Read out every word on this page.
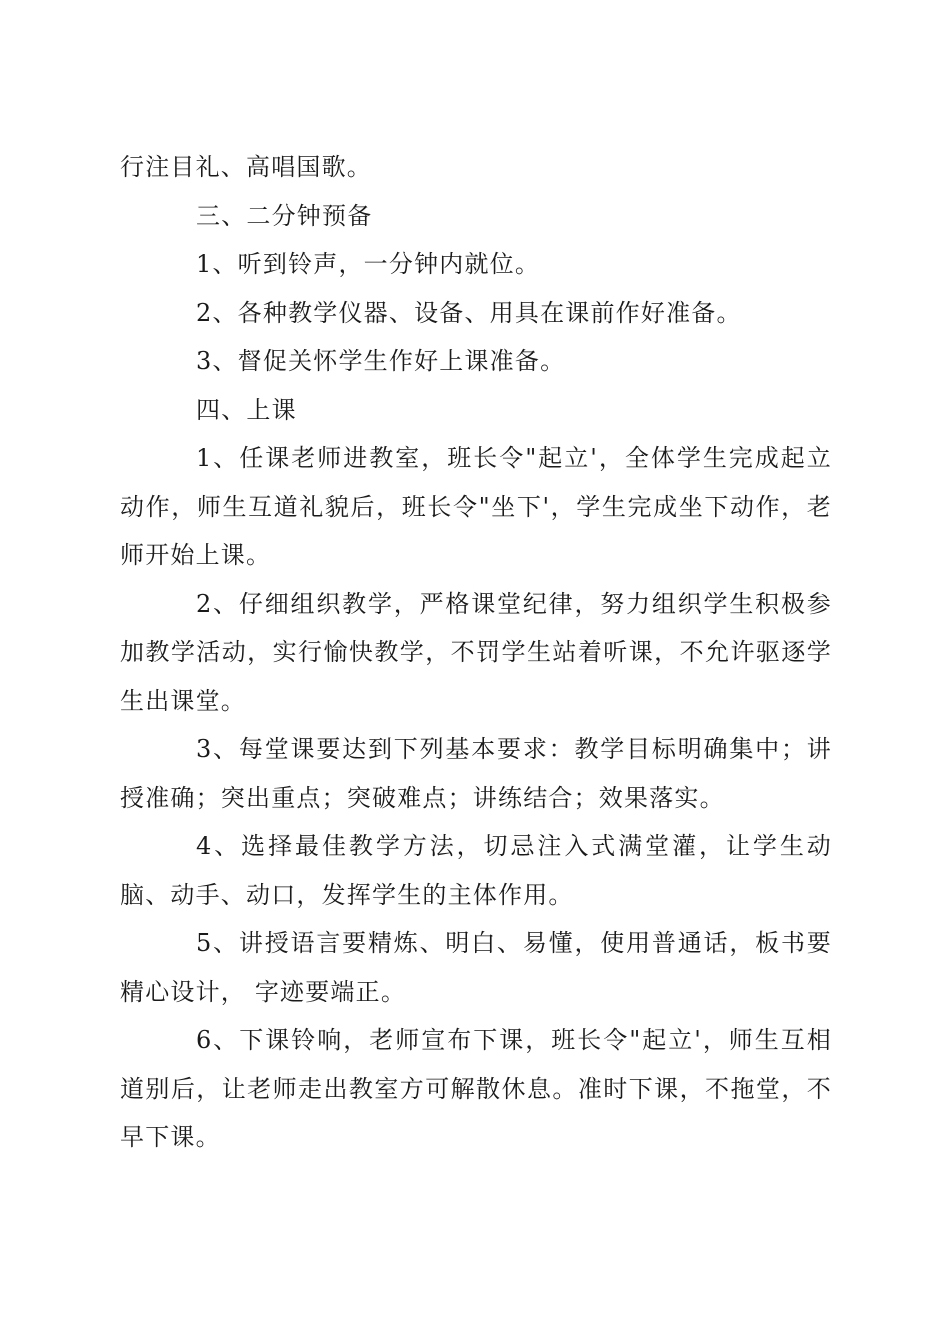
行注目礼、高唱国歌。

三、二分钟预备

1、听到铃声，一分钟内就位。

2、各种教学仪器、设备、用具在课前作好准备。

3、督促关怀学生作好上课准备。

四、上课

1、任课老师进教室，班长令"起立'，全体学生完成起立动作，师生互道礼貌后，班长令"坐下'，学生完成坐下动作，老师开始上课。

2、仔细组织教学，严格课堂纪律，努力组织学生积极参加教学活动，实行愉快教学，不罚学生站着听课，不允许驱逐学生出课堂。

3、每堂课要达到下列基本要求：教学目标明确集中；讲授准确；突出重点；突破难点；讲练结合；效果落实。

4、选择最佳教学方法，切忌注入式满堂灌，让学生动脑、动手、动口，发挥学生的主体作用。

5、讲授语言要精炼、明白、易懂，使用普通话，板书要精心设计， 字迹要端正。

6、下课铃响，老师宣布下课，班长令"起立'，师生互相道别后，让老师走出教室方可解散休息。准时下课，不拖堂，不早下课。
